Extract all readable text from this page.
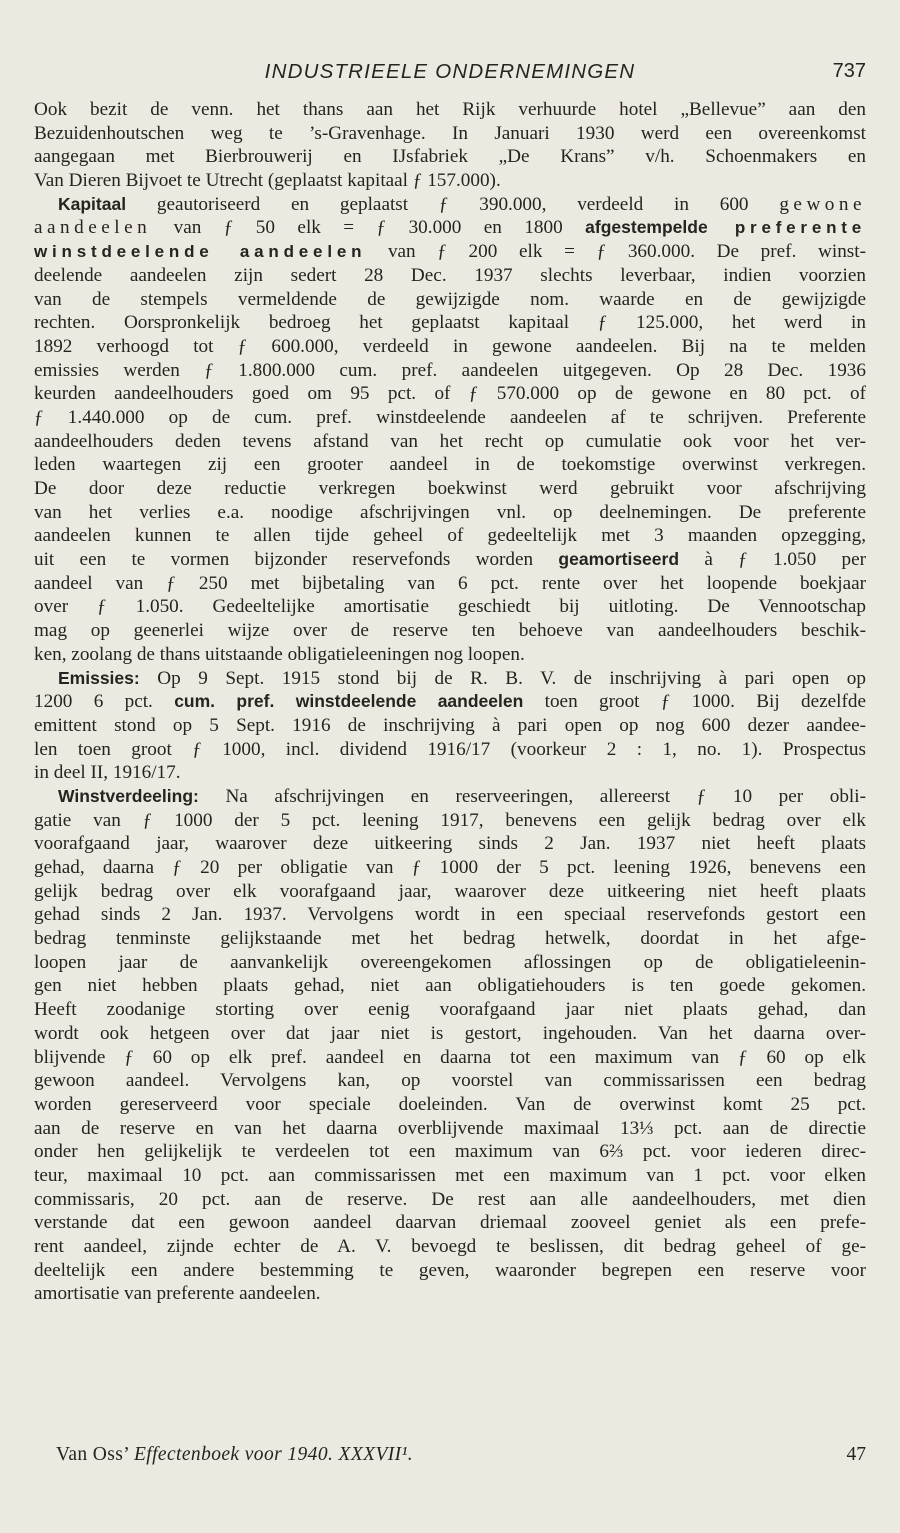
INDUSTRIEELE ONDERNEMINGEN	737
Ook bezit de venn. het thans aan het Rijk verhuurde hotel „Bellevue” aan den
Bezuidenhoutschen weg te ’s-Gravenhage. In Januari 1930 werd een overeenkomst
aangegaan met Bierbrouwerij en IJsfabriek „De Krans” v/h. Schoenmakers en
Van Dieren Bijvoet te Utrecht (geplaatst kapitaal ƒ 157.000).
Kapitaal geautoriseerd en geplaatst ƒ 390.000, verdeeld in 600 gewone
aandeelen van ƒ 50 elk = ƒ 30.000 en 1800 afgestempelde preferente
winstdeelende aandeelen van ƒ 200 elk = ƒ 360.000. De pref. winst-
deelende aandeelen zijn sedert 28 Dec. 1937 slechts leverbaar, indien voorzien
van de stempels vermeldende de gewijzigde nom. waarde en de gewijzigde
rechten. Oorspronkelijk bedroeg het geplaatst kapitaal ƒ 125.000, het werd in
1892 verhoogd tot ƒ 600.000, verdeeld in gewone aandeelen. Bij na te melden
emissies werden ƒ 1.800.000 cum. pref. aandeelen uitgegeven. Op 28 Dec. 1936
keurden aandeelhouders goed om 95 pct. of ƒ 570.000 op de gewone en 80 pct. of
ƒ 1.440.000 op de cum. pref. winstdeelende aandeelen af te schrijven. Preferente
aandeelhouders deden tevens afstand van het recht op cumulatie ook voor het ver-
leden waartegen zij een grooter aandeel in de toekomstige overwinst verkregen.
De door deze reductie verkregen boekwinst werd gebruikt voor afschrijving
van het verlies e.a. noodige afschrijvingen vnl. op deelnemingen. De preferente
aandeelen kunnen te allen tijde geheel of gedeeltelijk met 3 maanden opzegging,
uit een te vormen bijzonder reservefonds worden geamortiseerd à ƒ 1.050 per
aandeel van ƒ 250 met bijbetaling van 6 pct. rente over het loopende boekjaar
over ƒ 1.050. Gedeeltelijke amortisatie geschiedt bij uitloting. De Vennootschap
mag op geenerlei wijze over de reserve ten behoeve van aandeelhouders beschik-
ken, zoolang de thans uitstaande obligatieleeningen nog loopen.
Emissies: Op 9 Sept. 1915 stond bij de R. B. V. de inschrijving à pari open op
1200 6 pct. cum. pref. winstdeelende aandeelen toen groot ƒ 1000. Bij dezelfde
emittent stond op 5 Sept. 1916 de inschrijving à pari open op nog 600 dezer aandee-
len toen groot ƒ 1000, incl. dividend 1916/17 (voorkeur 2 : 1, no. 1). Prospectus
in deel II, 1916/17.
Winstverdeeling: Na afschrijvingen en reserveeringen, allereerst ƒ 10 per obli-
gatie van ƒ 1000 der 5 pct. leening 1917, benevens een gelijk bedrag over elk
voorafgaand jaar, waarover deze uitkeering sinds 2 Jan. 1937 niet heeft plaats
gehad, daarna ƒ 20 per obligatie van ƒ 1000 der 5 pct. leening 1926, benevens een
gelijk bedrag over elk voorafgaand jaar, waarover deze uitkeering niet heeft plaats
gehad sinds 2 Jan. 1937. Vervolgens wordt in een speciaal reservefonds gestort een
bedrag tenminste gelijkstaande met het bedrag hetwelk, doordat in het afge-
loopen jaar de aanvankelijk overeengekomen aflossingen op de obligatieleenin-
gen niet hebben plaats gehad, niet aan obligatiehouders is ten goede gekomen.
Heeft zoodanige storting over eenig voorafgaand jaar niet plaats gehad, dan
wordt ook hetgeen over dat jaar niet is gestort, ingehouden. Van het daarna over-
blijvende ƒ 60 op elk pref. aandeel en daarna tot een maximum van ƒ 60 op elk
gewoon aandeel. Vervolgens kan, op voorstel van commissarissen een bedrag
worden gereserveerd voor speciale doeleinden. Van de overwinst komt 25 pct.
aan de reserve en van het daarna overblijvende maximaal 13⅓ pct. aan de directie
onder hen gelijkelijk te verdeelen tot een maximum van 6⅔ pct. voor iederen direc-
teur, maximaal 10 pct. aan commissarissen met een maximum van 1 pct. voor elken
commissaris, 20 pct. aan de reserve. De rest aan alle aandeelhouders, met dien
verstande dat een gewoon aandeel daarvan driemaal zooveel geniet als een prefe-
rent aandeel, zijnde echter de A. V. bevoegd te beslissen, dit bedrag geheel of ge-
deeltelijk een andere bestemming te geven, waaronder begrepen een reserve voor
amortisatie van preferente aandeelen.
Van Oss’ Effectenboek voor 1940. XXXVII¹.	47
